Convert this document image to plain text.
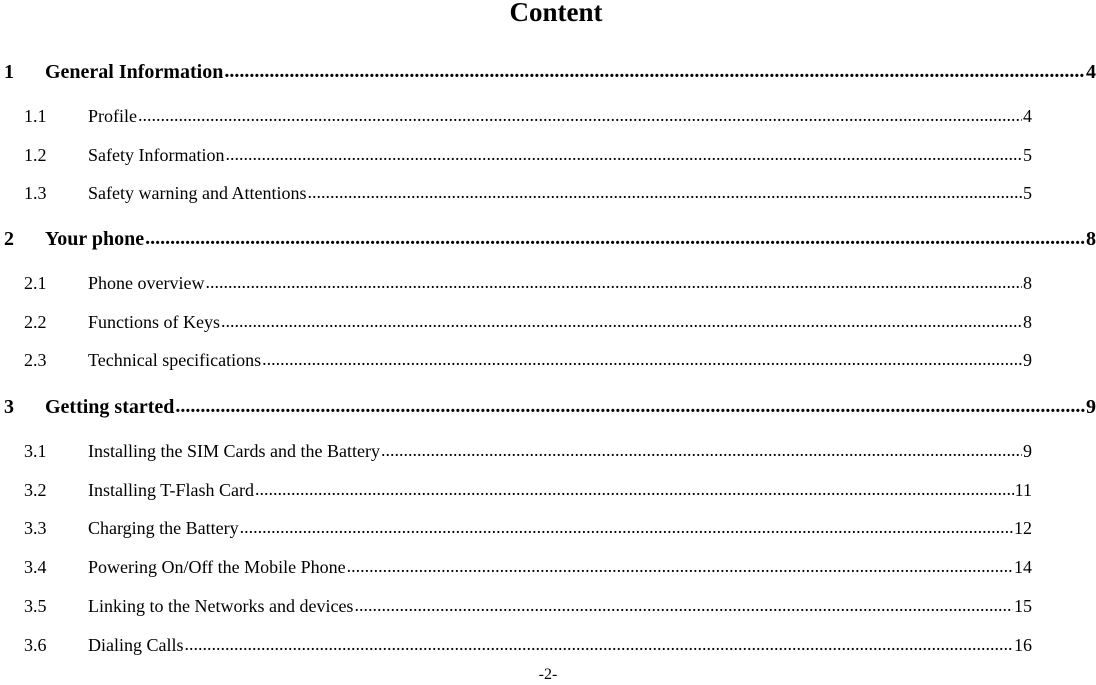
Content
1	General Information .....	4
1.1	Profile .....	4
1.2	Safety Information .....	5
1.3	Safety warning and Attentions .....	5
2	Your phone .....	8
2.1	Phone overview .....	8
2.2	Functions of Keys .....	8
2.3	Technical specifications .....	9
3	Getting started .....	9
3.1	Installing the SIM Cards and the Battery .....	9
3.2	Installing T-Flash Card .....	11
3.3	Charging the Battery .....	12
3.4	Powering On/Off the Mobile Phone .....	14
3.5	Linking to the Networks and devices .....	15
3.6	Dialing Calls .....	16
-2-
